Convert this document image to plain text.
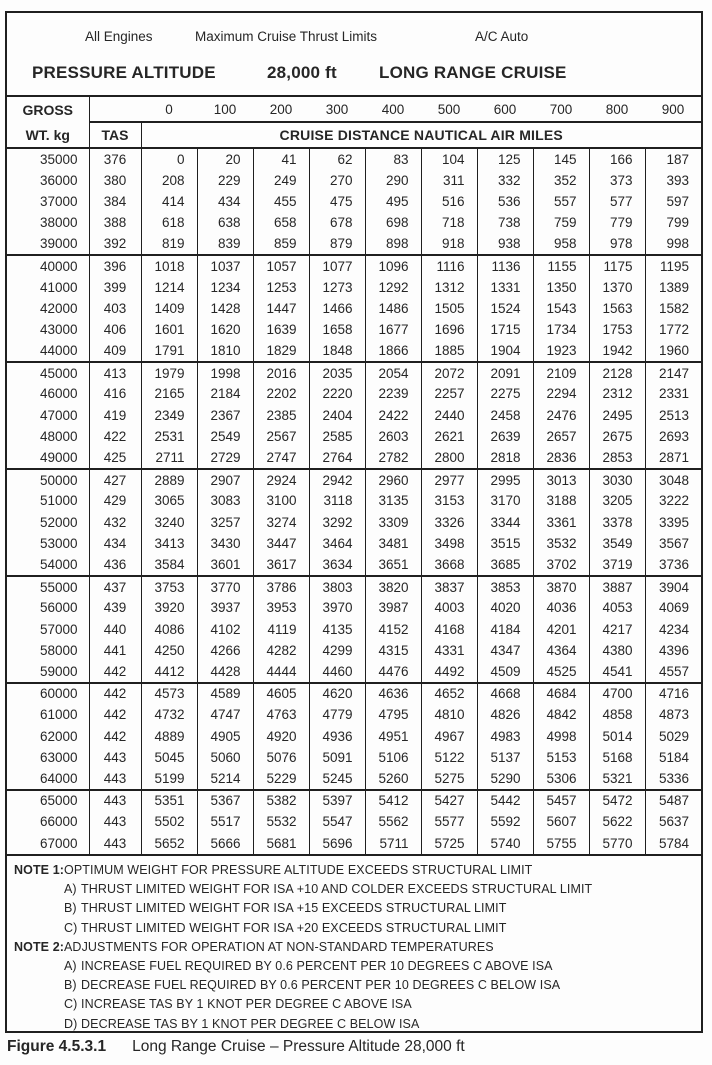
All Engines	Maximum Cruise Thrust Limits	A/C Auto
PRESSURE ALTITUDE	28,000 ft LONG RANGE CRUISE
GROSS		0	100	200	300	400	500	600	700	800	900
WT. kg	TAS	CRUISE DISTANCE NAUTICAL AIR MILES									
35000	376	0	20	41	62	83	104	125	145	166	187
36000	380	208	229	249	270	290	311	332	352	373	393
37000	384	414	434	455	475	495	516	536	557	577	597
38000	388	618	638	658	678	698	718	738	759	779	799
39000	392	819	839	859	879	898	918	938	958	978	998
40000	396	1018	1037	1057	1077	1096	1116	1136	1155	1175	1195
41000	399	1214	1234	1253	1273	1292	1312	1331	1350	1370	1389
42000	403	1409	1428	1447	1466	1486	1505	1524	1543	1563	1582
43000	406	1601	1620	1639	1658	1677	1696	1715	1734	1753	1772
44000	409	1791	1810	1829	1848	1866	1885	1904	1923	1942	1960
45000	413	1979	1998	2016	2035	2054	2072	2091	2109	2128	2147
46000	416	2165	2184	2202	2220	2239	2257	2275	2294	2312	2331
47000	419	2349	2367	2385	2404	2422	2440	2458	2476	2495	2513
48000	422	2531	2549	2567	2585	2603	2621	2639	2657	2675	2693
49000	425	2711	2729	2747	2764	2782	2800	2818	2836	2853	2871
50000	427	2889	2907	2924	2942	2960	2977	2995	3013	3030	3048
51000	429	3065	3083	3100	3118	3135	3153	3170	3188	3205	3222
52000	432	3240	3257	3274	3292	3309	3326	3344	3361	3378	3395
53000	434	3413	3430	3447	3464	3481	3498	3515	3532	3549	3567
54000	436	3584	3601	3617	3634	3651	3668	3685	3702	3719	3736
55000	437	3753	3770	3786	3803	3820	3837	3853	3870	3887	3904
56000	439	3920	3937	3953	3970	3987	4003	4020	4036	4053	4069
57000	440	4086	4102	4119	4135	4152	4168	4184	4201	4217	4234
58000	441	4250	4266	4282	4299	4315	4331	4347	4364	4380	4396
59000	442	4412	4428	4444	4460	4476	4492	4509	4525	4541	4557
60000	442	4573	4589	4605	4620	4636	4652	4668	4684	4700	4716
61000	442	4732	4747	4763	4779	4795	4810	4826	4842	4858	4873
62000	442	4889	4905	4920	4936	4951	4967	4983	4998	5014	5029
63000	443	5045	5060	5076	5091	5106	5122	5137	5153	5168	5184
64000	443	5199	5214	5229	5245	5260	5275	5290	5306	5321	5336
65000	443	5351	5367	5382	5397	5412	5427	5442	5457	5472	5487
66000	443	5502	5517	5532	5547	5562	5577	5592	5607	5622	5637
67000	443	5652	5666	5681	5696	5711	5725	5740	5755	5770	5784
NOTE 1: OPTIMUM WEIGHT FOR PRESSURE ALTITUDE EXCEEDS STRUCTURAL LIMIT
A) THRUST LIMITED WEIGHT FOR ISA +10 AND COLDER EXCEEDS STRUCTURAL LIMIT
B) THRUST LIMITED WEIGHT FOR ISA +15 EXCEEDS STRUCTURAL LIMIT
C) THRUST LIMITED WEIGHT FOR ISA +20 EXCEEDS STRUCTURAL LIMIT
NOTE 2: ADJUSTMENTS FOR OPERATION AT NON-STANDARD TEMPERATURES
A) INCREASE FUEL REQUIRED BY 0.6 PERCENT PER 10 DEGREES C ABOVE ISA
B) DECREASE FUEL REQUIRED BY 0.6 PERCENT PER 10 DEGREES C BELOW ISA
C) INCREASE TAS BY 1 KNOT PER DEGREE C ABOVE ISA
D) DECREASE TAS BY 1 KNOT PER DEGREE C BELOW ISA
Figure 4.5.3.1 Long Range Cruise – Pressure Altitude 28,000 ft
